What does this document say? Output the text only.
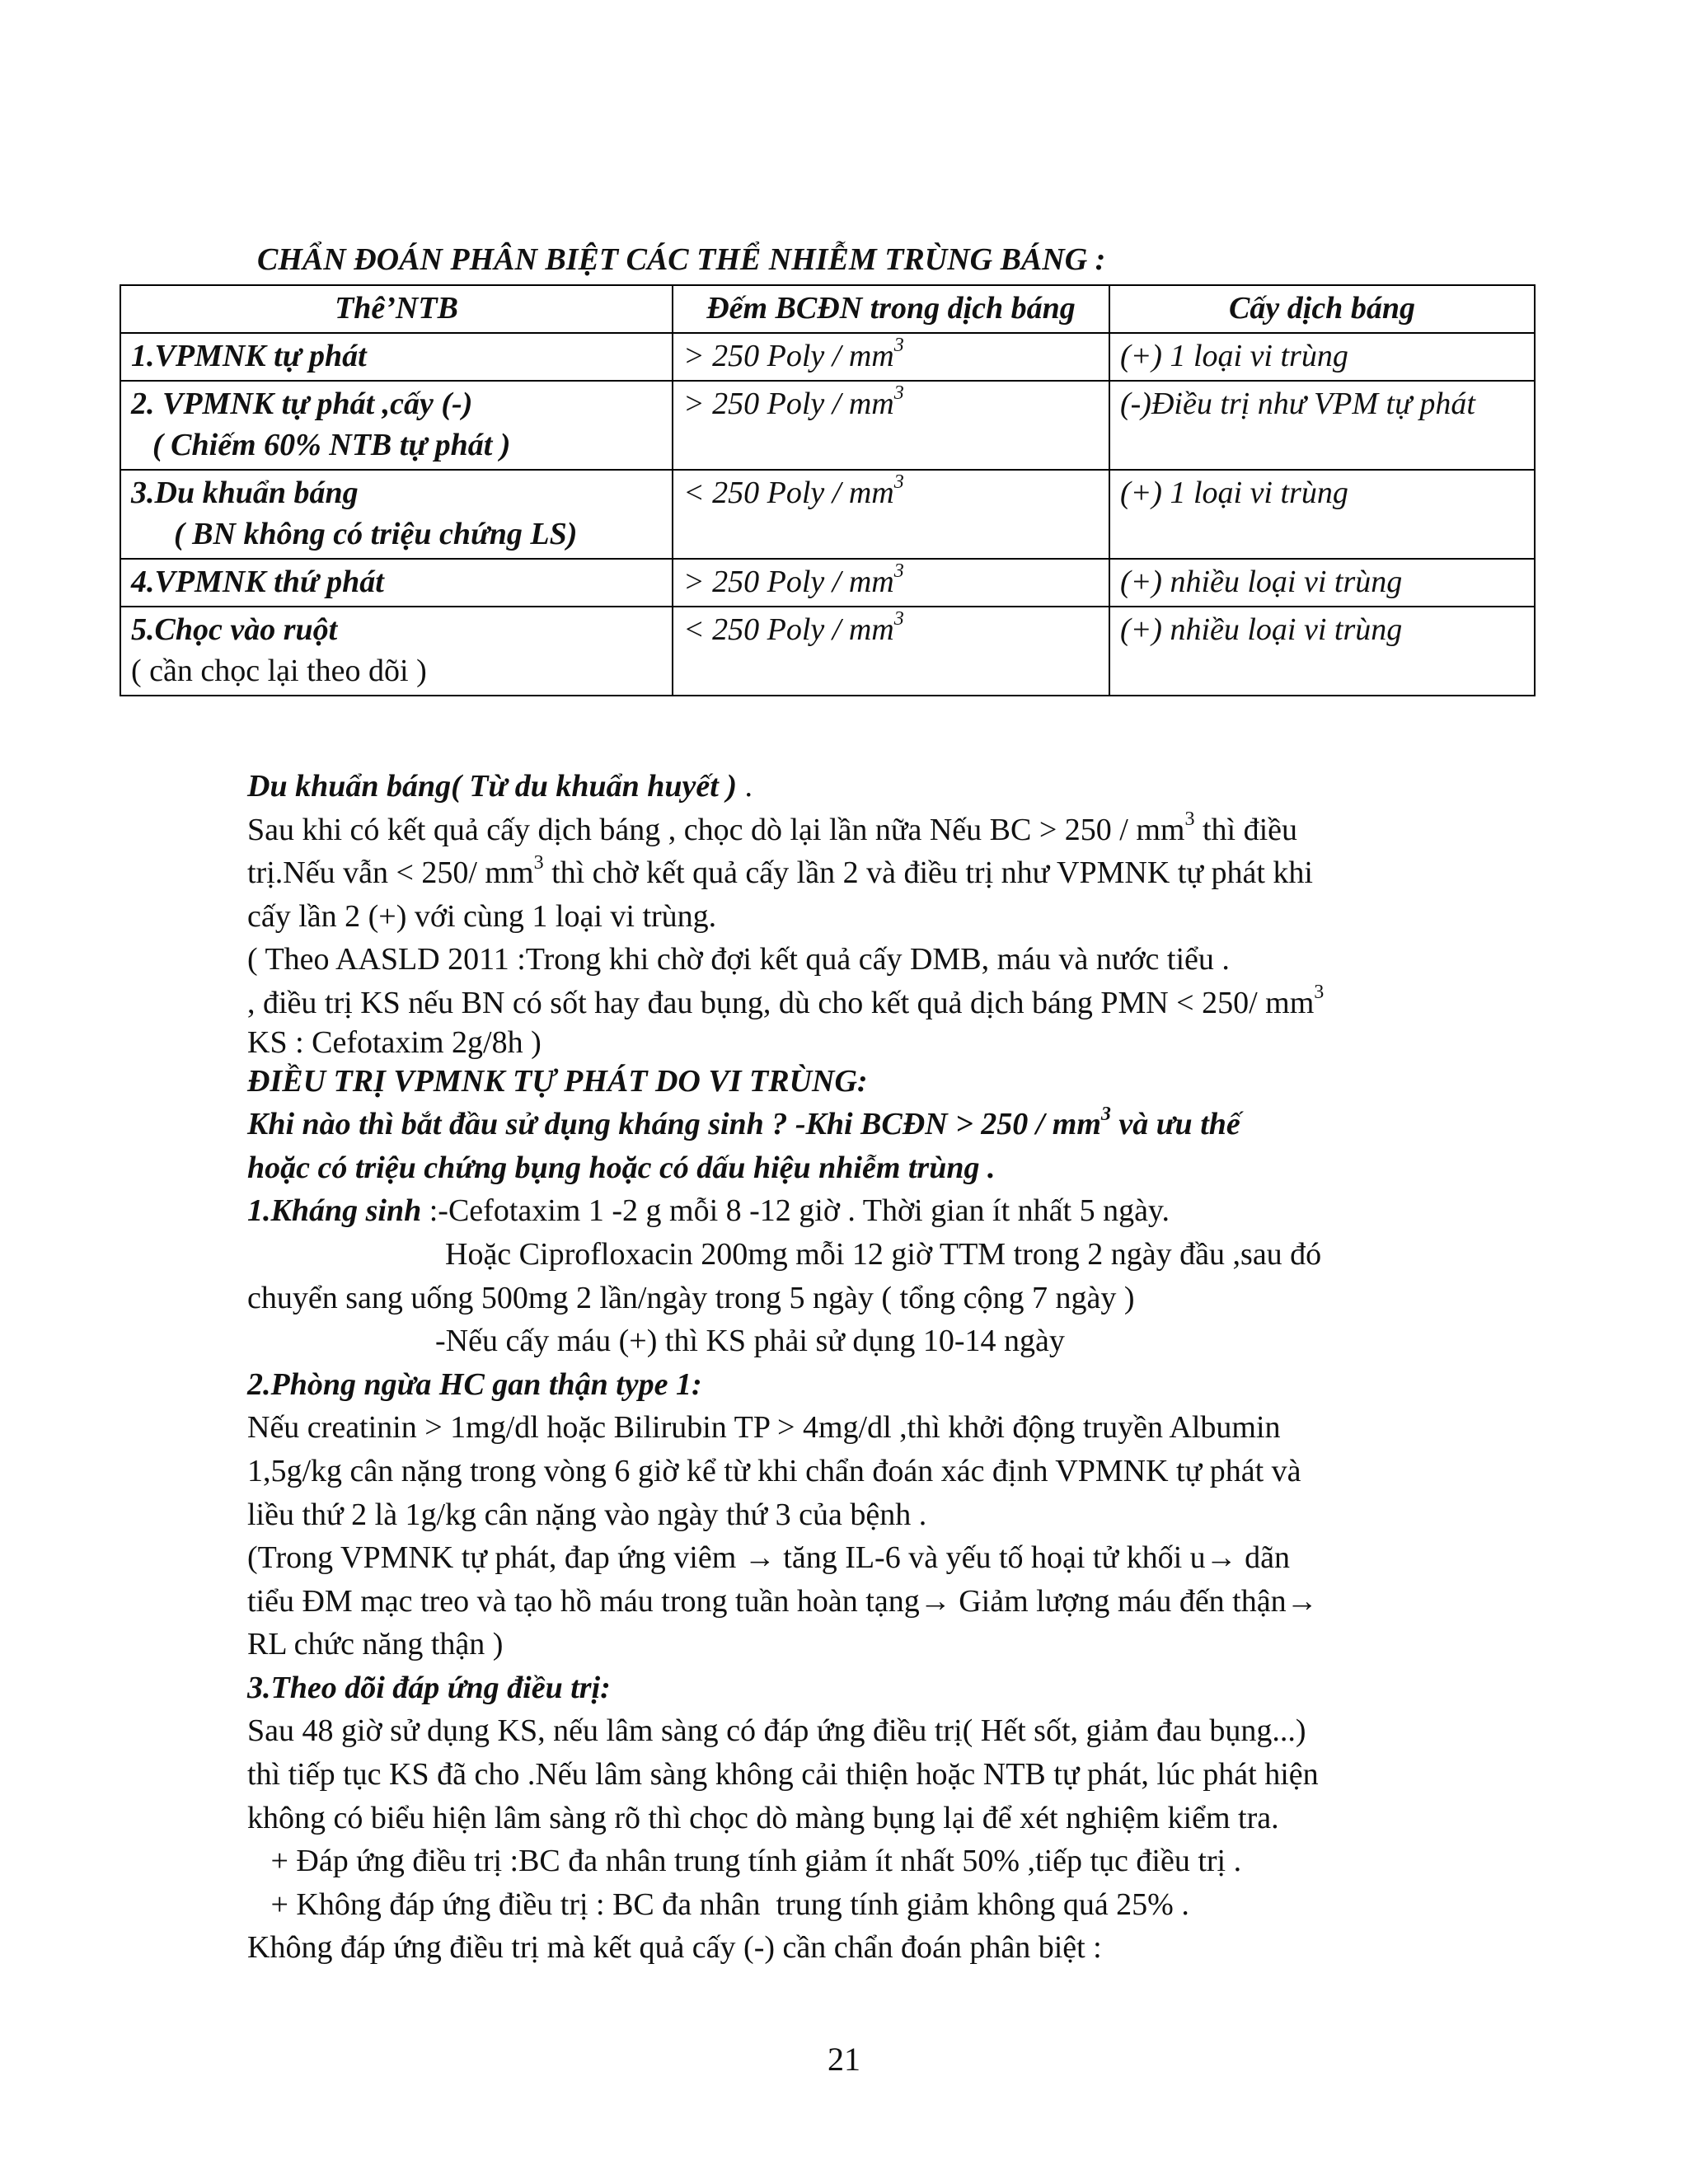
CHẨN ĐOÁN PHÂN BIỆT CÁC THỂ NHIỄM TRÙNG BÁNG :
Thê’NTB	Đếm BCĐN trong dịch báng	Cấy dịch báng
1.VPMNK tự phát	> 250 Poly / $mm^3$	(+) 1 loại vi trùng

2. VPMNK tự phát ,cấy (-)
( Chiếm 60% NTB tự phát )	> 250 Poly / $mm^3$	(-)Điều trị như VPM tự phát

3.Du khuẩn báng
( BN không có triệu chứng LS)	< 250 Poly / $mm^3$	(+) 1 loại vi trùng
4.VPMNK thứ phát	> 250 Poly / $mm^3$	(+) nhiều loại vi trùng

5.Chọc vào ruột
( cần chọc lại theo dõi )	< 250 Poly / $mm^3$	(+) nhiều loại vi trùng

Du khuẩn báng( Từ du khuẩn huyết ) .

Sau khi có kết quả cấy dịch báng , chọc dò lại lần nữa Nếu BC > $250 / mm^3$ thì điều

trị.Nếu vẫn < 250/ $mm^3$ thì chờ kết quả cấy lần 2 và điều trị như VPMNK tự phát khi

cấy lần 2 (+) với cùng 1 loại vi trùng.

( Theo AASLD 2011 :Trong khi chờ đợi kết quả cấy DMB, máu và nước tiểu .

, điều trị KS nếu BN có sốt hay đau bụng, dù cho kết quả dịch báng PMN < 250/ $mm^3$

KS : Cefotaxim 2g/8h )

ĐIỀU TRỊ VPMNK TỰ PHÁT DO VI TRÙNG:

Khi nào thì bắt đầu sử dụng kháng sinh ? -Khi BCĐN > $250 / mm^3$ và ưu thế

hoặc có triệu chứng bụng hoặc có dấu hiệu nhiễm trùng .

1.Kháng sinh :-Cefotaxim 1 -2 g mỗi 8 -12 giờ . Thời gian ít nhất 5 ngày.

Hoặc Ciprofloxacin 200mg mỗi 12 giờ TTM trong 2 ngày đầu ,sau đó

chuyển sang uống 500mg 2 lần/ngày trong 5 ngày ( tổng cộng 7 ngày )

-Nếu cấy máu (+) thì KS phải sử dụng 10-14 ngày

2.Phòng ngừa HC gan thận type 1:

Nếu creatinin > 1mg/dl hoặc Bilirubin TP > 4mg/dl ,thì khởi động truyền Albumin

1,5g/kg cân nặng trong vòng 6 giờ kể từ khi chẩn đoán xác định VPMNK tự phát và

liều thứ 2 là 1g/kg cân nặng vào ngày thứ 3 của bệnh .

(Trong VPMNK tự phát, đap ứng viêm → tăng IL-6 và yếu tố hoại tử khối u→ dãn

tiểu ĐM mạc treo và tạo hồ máu trong tuần hoàn tạng→ Giảm lượng máu đến thận→

RL chức năng thận )

3.Theo dõi đáp ứng điều trị:

Sau 48 giờ sử dụng KS, nếu lâm sàng có đáp ứng điều trị( Hết sốt, giảm đau bụng...)

thì tiếp tục KS đã cho .Nếu lâm sàng không cải thiện hoặc NTB tự phát, lúc phát hiện

không có biểu hiện lâm sàng rõ thì chọc dò màng bụng lại để xét nghiệm kiểm tra.

+ Đáp ứng điều trị :BC đa nhân trung tính giảm ít nhất 50% ,tiếp tục điều trị .

+ Không đáp ứng điều trị : BC đa nhân  trung tính giảm không quá 25% .

Không đáp ứng điều trị mà kết quả cấy (-) cần chẩn đoán phân biệt :

21
